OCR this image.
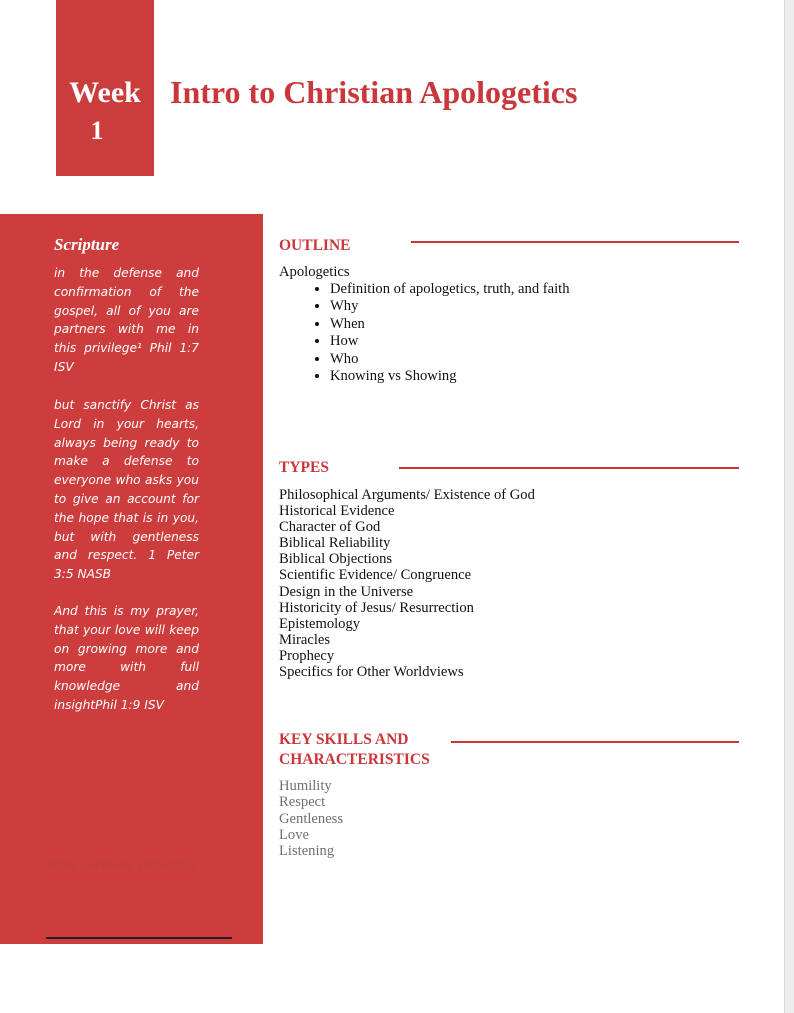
Week
1
Intro to Christian Apologetics
Scripture
in the defense and confirmation of the gospel, all of you are partners with me in this privilege¹ Phil 1:7 ISV
but sanctify Christ as Lord in your hearts, always being ready to make a defense to everyone who asks you to give an account for the hope that is in you, but with gentleness and respect. 1 Peter 3:5 NASB
And this is my prayer, that your love will keep on growing more and more with full knowledge and insightPhil 1:9 ISV
© Mark Lundborg 2020-2023
OUTLINE
Apologetics
• Definition of apologetics, truth, and faith
• Why
• When
• How
• Who
• Knowing vs Showing
TYPES
Philosophical Arguments/ Existence of God
Historical Evidence
Character of God
Biblical Reliability
Biblical Objections
Scientific Evidence/ Congruence
Design in the Universe
Historicity of Jesus/ Resurrection
Epistemology
Miracles
Prophecy
Specifics for Other Worldviews
KEY SKILLS AND
CHARACTERISTICS
Humility
Respect
Gentleness
Love
Listening
